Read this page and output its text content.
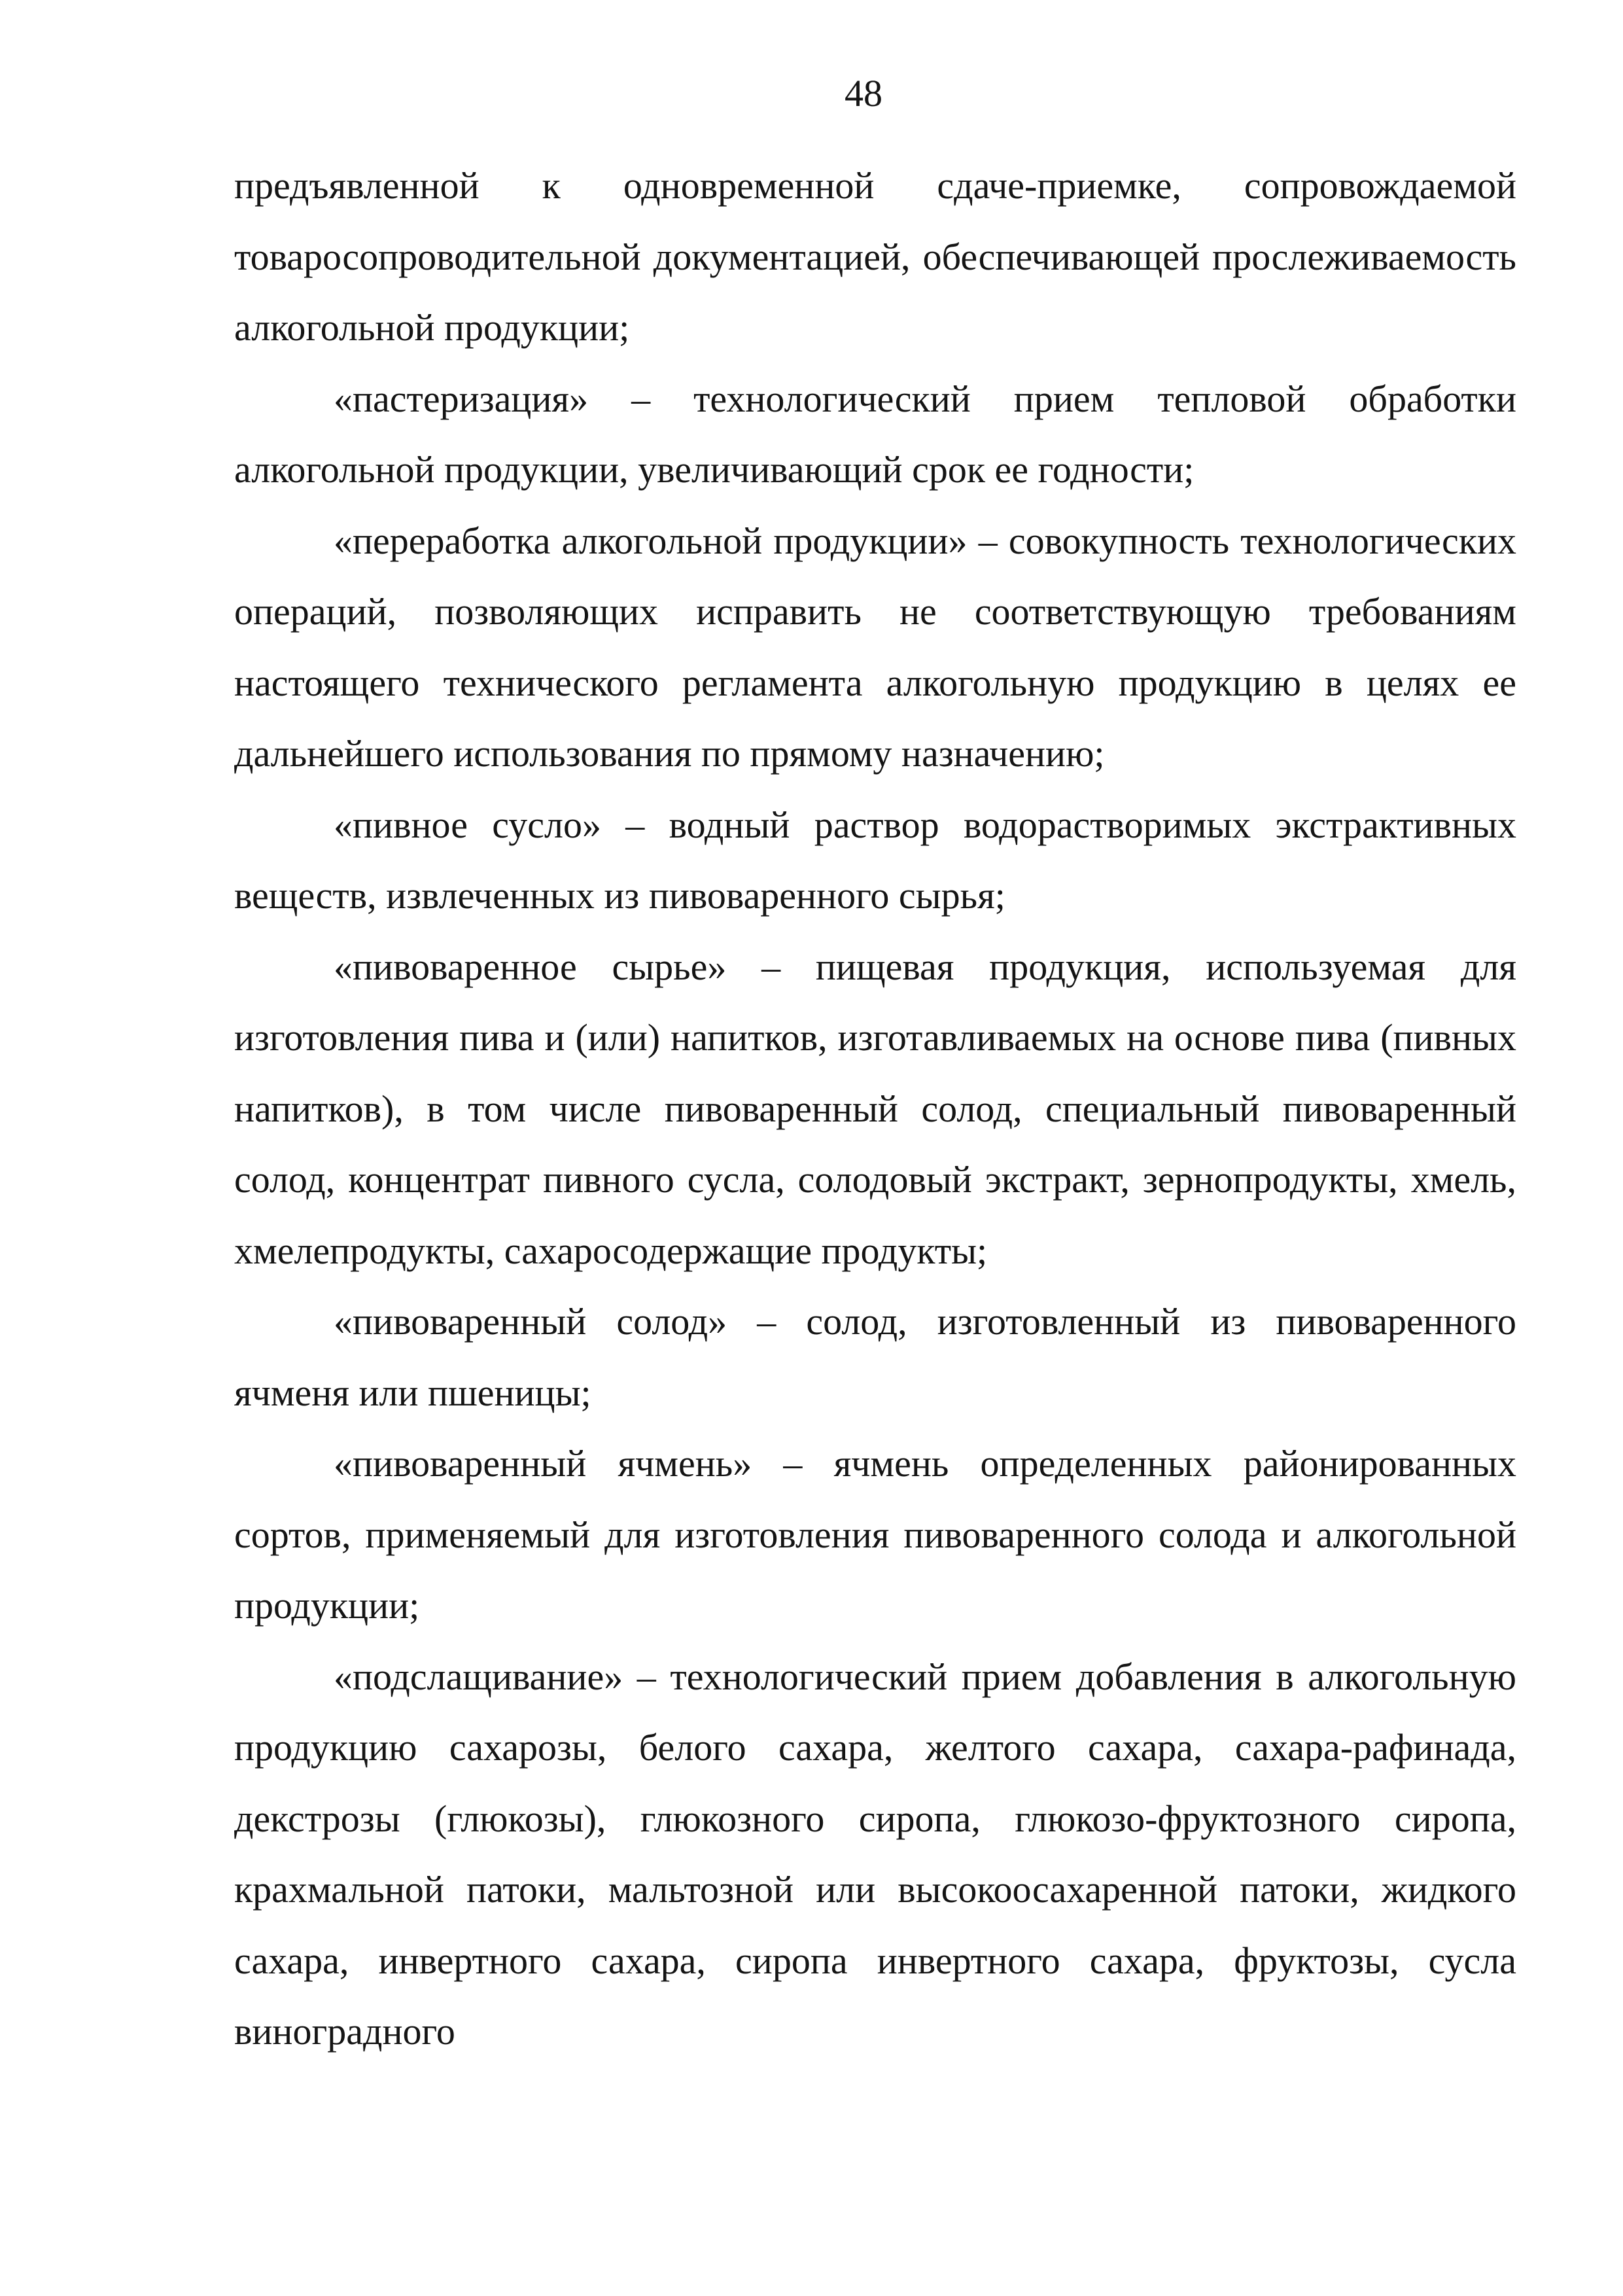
48

предъявленной к одновременной сдаче-приемке, сопровождаемой товаросопроводительной документацией, обеспечивающей прослеживаемость алкогольной продукции;

«пастеризация» – технологический прием тепловой обработки алкогольной продукции, увеличивающий срок ее годности;

«переработка алкогольной продукции» – совокупность технологических операций, позволяющих исправить не соответствующую требованиям настоящего технического регламента алкогольную продукцию в целях ее дальнейшего использования по прямому назначению;

«пивное сусло» – водный раствор водорастворимых экстрактивных веществ, извлеченных из пивоваренного сырья;

«пивоваренное сырье» – пищевая продукция, используемая для изготовления пива и (или) напитков, изготавливаемых на основе пива (пивных напитков), в том числе пивоваренный солод, специальный пивоваренный солод, концентрат пивного сусла, солодовый экстракт, зернопродукты, хмель, хмелепродукты, сахаросодержащие продукты;

«пивоваренный солод» – солод, изготовленный из пивоваренного ячменя или пшеницы;

«пивоваренный ячмень» – ячмень определенных районированных сортов, применяемый для изготовления пивоваренного солода и алкогольной продукции;

«подслащивание» – технологический прием добавления в алкогольную продукцию сахарозы, белого сахара, желтого сахара, сахара-рафинада, декстрозы (глюкозы), глюкозного сиропа, глюкозо-фруктозного сиропа, крахмальной патоки, мальтозной или высокоосахаренной патоки, жидкого сахара, инвертного сахара, сиропа инвертного сахара, фруктозы, сусла виноградного
